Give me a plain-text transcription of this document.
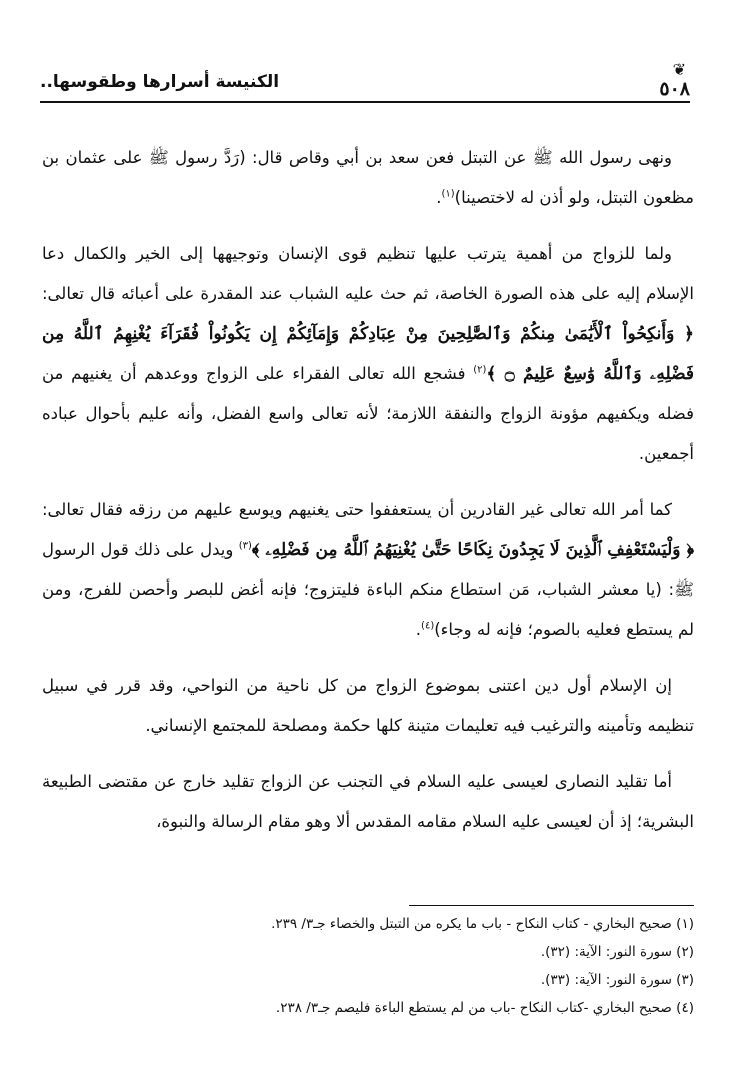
❦
٥٠٨
الكنيسة أسرارها وطقوسها..

ونهى رسول الله ﷺ عن التبتل فعن سعد بن أبي وقاص قال: (رَدَّ رسول ﷺ على عثمان بن مظعون التبتل، ولو أذن له لاختصينا)$^{(١)}$.

ولما للزواج من أهمية يترتب عليها تنظيم قوى الإنسان وتوجيهها إلى الخير والكمال دعا الإسلام إليه على هذه الصورة الخاصة، ثم حث عليه الشباب عند المقدرة على أعبائه قال تعالى: ﴿ وَأَنكِحُواْ ٱلْأَيَٰمَىٰ مِنكُمْ وَٱلصَّٰلِحِينَ مِنْ عِبَادِكُمْ وَإِمَآئِكُمْ إِن يَكُونُواْ فُقَرَآءَ يُغْنِهِمُ ٱللَّهُ مِن فَضْلِهِۦ وَٱللَّهُ وَٰسِعٌ عَلِيمٌ ۝ ﴾$^{(٢)}$ فشجع الله تعالى الفقراء على الزواج ووعدهم أن يغنيهم من فضله ويكفيهم مؤونة الزواج والنفقة اللازمة؛ لأنه تعالى واسع الفضل، وأنه عليم بأحوال عباده أجمعين.

كما أمر الله تعالى غير القادرين أن يستعففوا حتى يغنيهم ويوسع عليهم من رزقه فقال تعالى: ﴿ وَلْيَسْتَعْفِفِ ٱلَّذِينَ لَا يَجِدُونَ نِكَاحًا حَتَّىٰ يُغْنِيَهُمُ ٱللَّهُ مِن فَضْلِهِۦ ﴾$^{(٣)}$ ويدل على ذلك قول الرسول ﷺ: (يا معشر الشباب، مَن استطاع منكم الباءة فليتزوج؛ فإنه أغض للبصر وأحصن للفرج، ومن لم يستطع فعليه بالصوم؛ فإنه له وجاء)$^{(٤)}$.

إن الإسلام أول دين اعتنى بموضوع الزواج من كل ناحية من النواحي، وقد قرر في سبيل تنظيمه وتأمينه والترغيب فيه تعليمات متينة كلها حكمة ومصلحة للمجتمع الإنساني.

أما تقليد النصارى لعيسى عليه السلام في التجنب عن الزواج تقليد خارج عن مقتضى الطبيعة البشرية؛ إذ أن لعيسى عليه السلام مقامه المقدس ألا وهو مقام الرسالة والنبوة،

(١) صحيح البخاري - كتاب النكاح - باب ما يكره من التبتل والخصاء جـ٣/ ٢٣٩.
(٢) سورة النور: الآية: (٣٢).
(٣) سورة النور: الآية: (٣٣).
(٤) صحيح البخاري -كتاب النكاح -باب من لم يستطع الباءة فليصم جـ٣/ ٢٣٨.
